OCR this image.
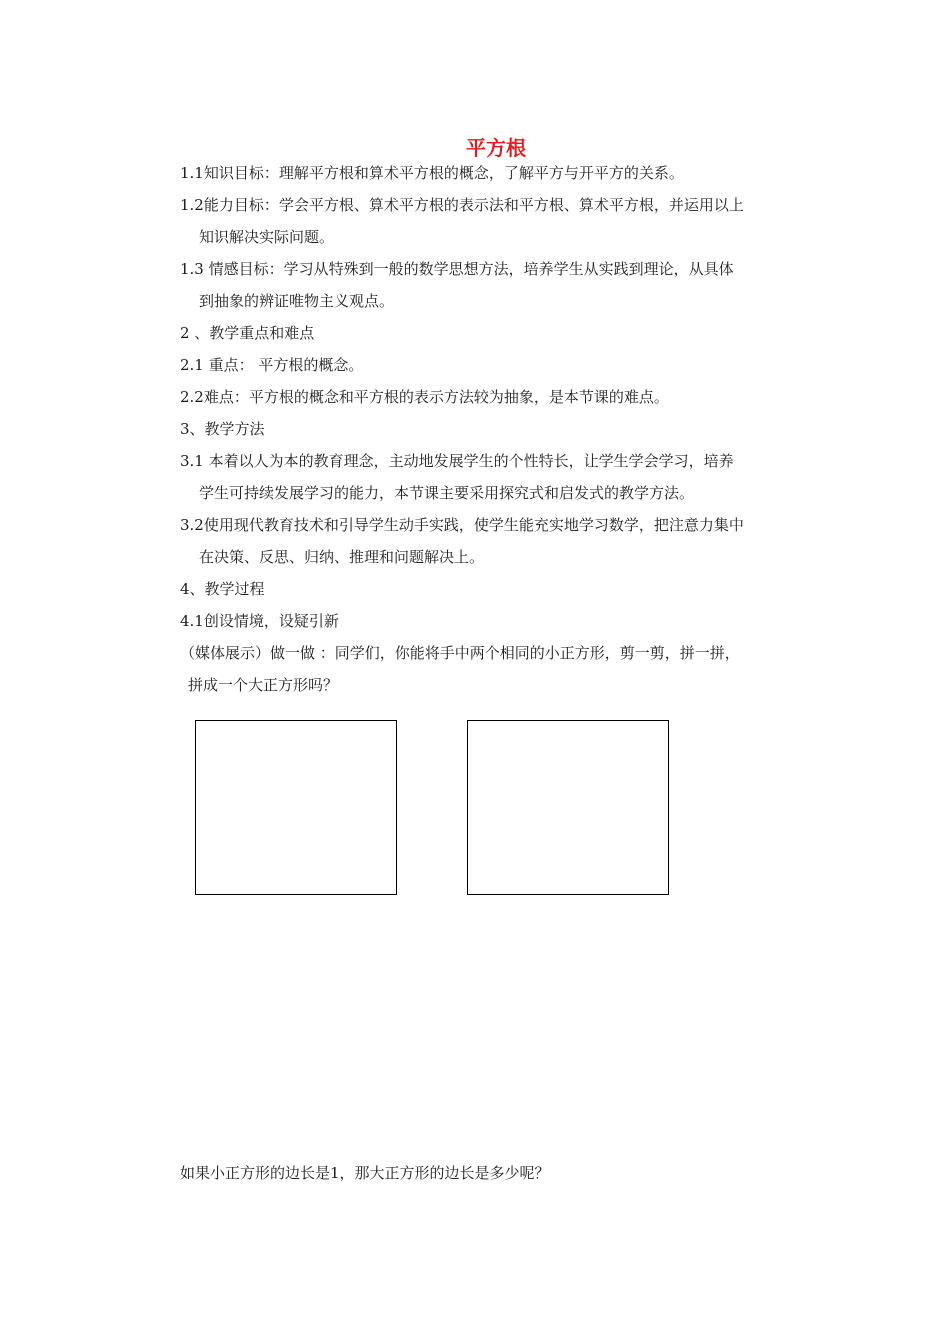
平方根
1.1知识目标：理解平方根和算术平方根的概念，了解平方与开平方的关系。
1.2能力目标：学会平方根、算术平方根的表示法和平方根、算术平方根，并运用以上
知识解决实际问题。
1.3 情感目标：学习从特殊到一般的数学思想方法，培养学生从实践到理论，从具体
到抽象的辨证唯物主义观点。
2 、教学重点和难点
2.1 重点： 平方根的概念。
2.2难点：平方根的概念和平方根的表示方法较为抽象，是本节课的难点。
3、教学方法
3.1 本着以人为本的教育理念，主动地发展学生的个性特长，让学生学会学习，培养
学生可持续发展学习的能力，本节课主要采用探究式和启发式的教学方法。
3.2使用现代教育技术和引导学生动手实践，使学生能充实地学习数学，把注意力集中
在决策、反思、归纳、推理和问题解决上。
4、教学过程
4.1创设情境，设疑引新
（媒体展示）做一做 ：同学们，你能将手中两个相同的小正方形，剪一剪，拼一拼，
拼成一个大正方形吗？
如果小正方形的边长是1，那大正方形的边长是多少呢？
